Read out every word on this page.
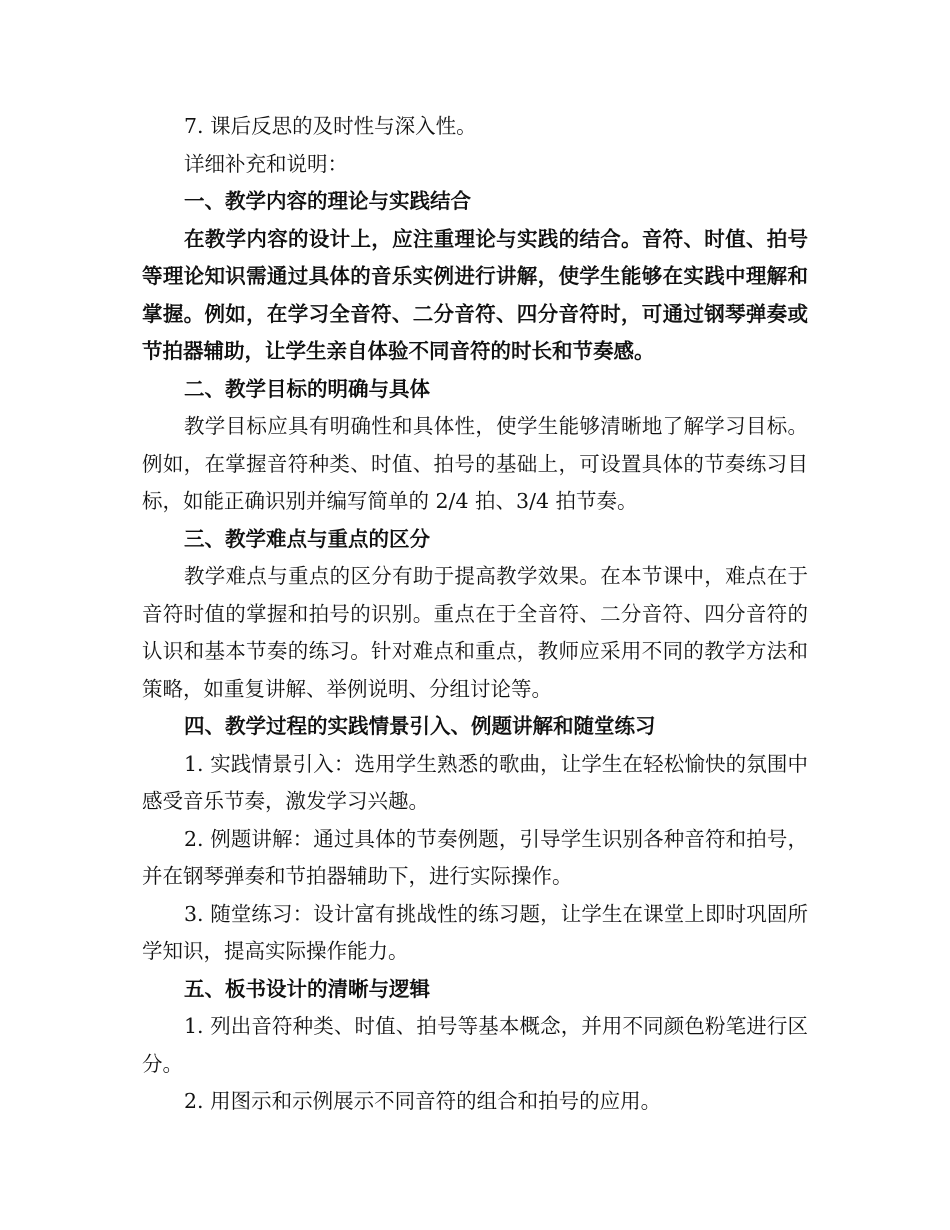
7. 课后反思的及时性与深入性。

详细补充和说明：

一、教学内容的理论与实践结合

在教学内容的设计上，应注重理论与实践的结合。音符、时值、拍号等理论知识需通过具体的音乐实例进行讲解，使学生能够在实践中理解和掌握。例如，在学习全音符、二分音符、四分音符时，可通过钢琴弹奏或节拍器辅助，让学生亲自体验不同音符的时长和节奏感。

二、教学目标的明确与具体

教学目标应具有明确性和具体性，使学生能够清晰地了解学习目标。例如，在掌握音符种类、时值、拍号的基础上，可设置具体的节奏练习目标，如能正确识别并编写简单的 2/4 拍、3/4 拍节奏。

三、教学难点与重点的区分

教学难点与重点的区分有助于提高教学效果。在本节课中，难点在于音符时值的掌握和拍号的识别。重点在于全音符、二分音符、四分音符的认识和基本节奏的练习。针对难点和重点，教师应采用不同的教学方法和策略，如重复讲解、举例说明、分组讨论等。

四、教学过程的实践情景引入、例题讲解和随堂练习

1. 实践情景引入：选用学生熟悉的歌曲，让学生在轻松愉快的氛围中感受音乐节奏，激发学习兴趣。

2. 例题讲解：通过具体的节奏例题，引导学生识别各种音符和拍号，并在钢琴弹奏和节拍器辅助下，进行实际操作。

3. 随堂练习：设计富有挑战性的练习题，让学生在课堂上即时巩固所学知识，提高实际操作能力。

五、板书设计的清晰与逻辑

1. 列出音符种类、时值、拍号等基本概念，并用不同颜色粉笔进行区分。

2. 用图示和示例展示不同音符的组合和拍号的应用。
